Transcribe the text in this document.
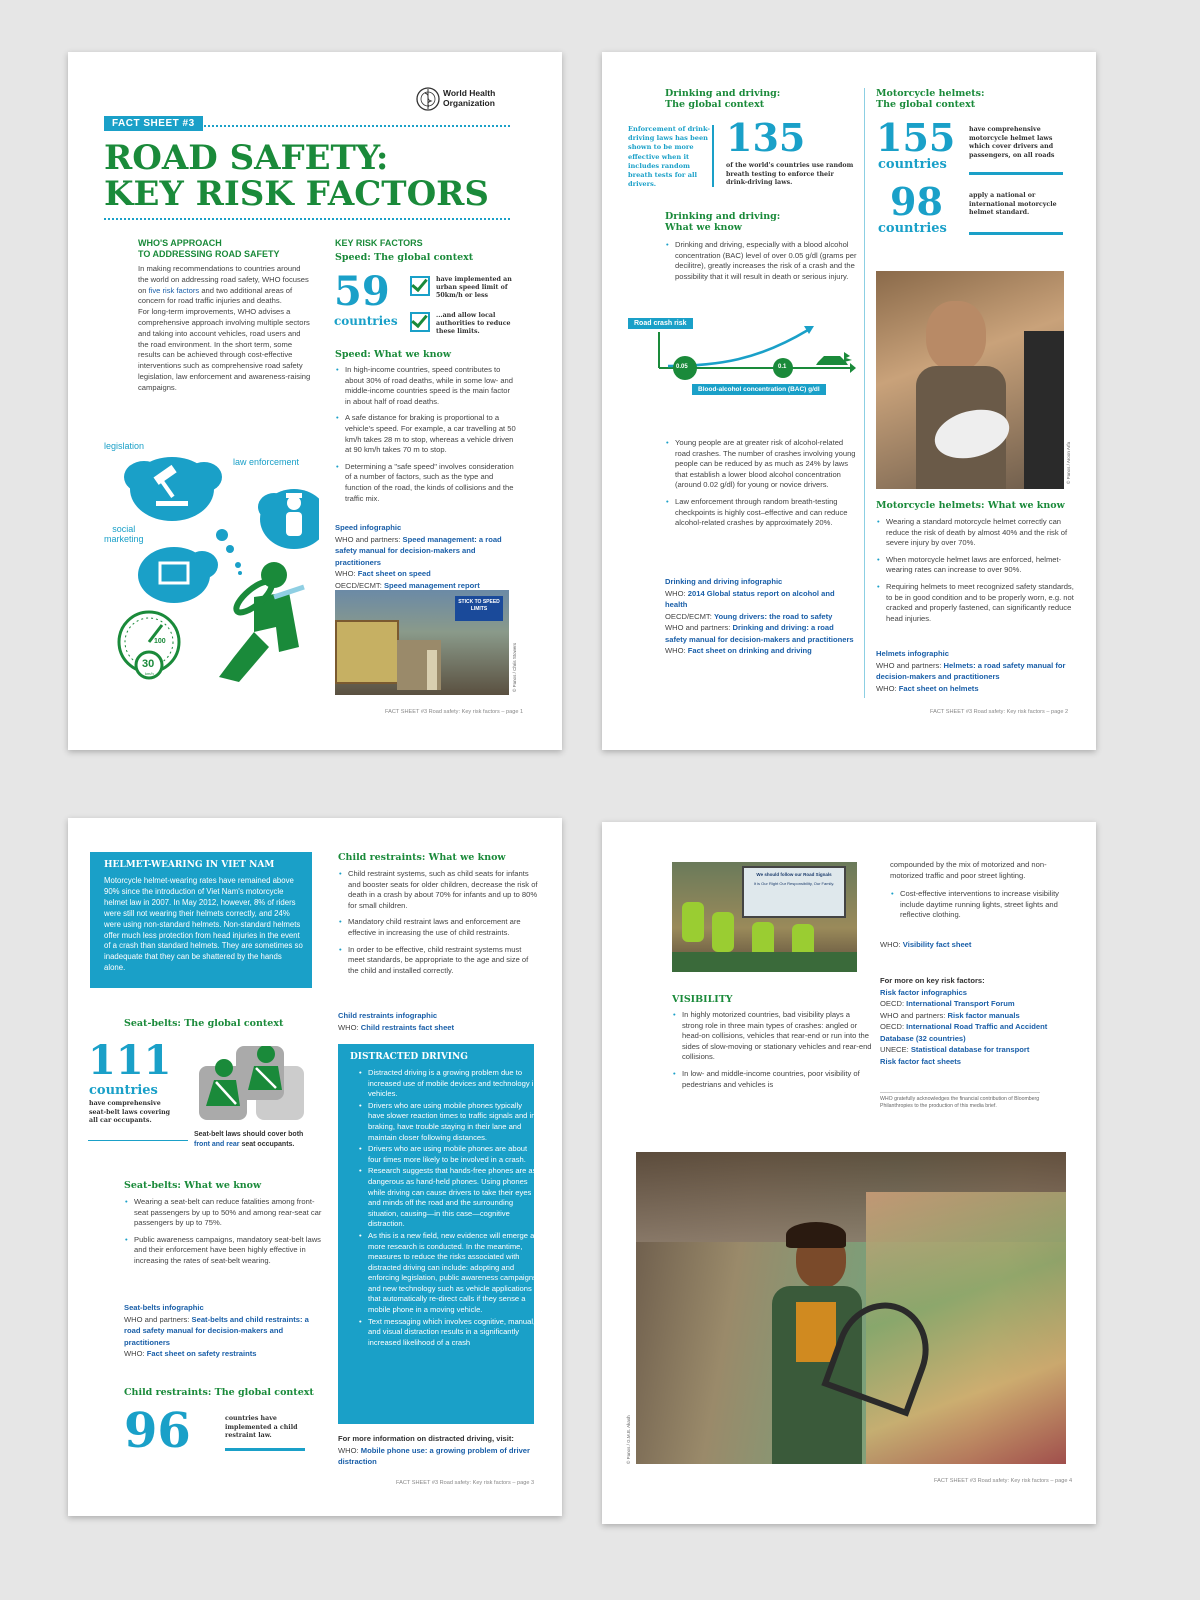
World Health
Organization
FACT SHEET #3
ROAD SAFETY:
KEY RISK FACTORS
WHO'S APPROACH
TO ADDRESSING ROAD SAFETY
In making recommendations to countries around the world on addressing road safety, WHO focuses on five risk factors and two additional areas of concern for road traffic injuries and deaths.
For long-term improvements, WHO advises a comprehensive approach involving multiple sectors and taking into account vehicles, road users and the road environment. In the short term, some results can be achieved through cost-effective interventions such as comprehensive road safety legislation, law enforcement and awareness-raising campaigns.
legislation
law enforcement
social
marketing
100
30
km/h
KEY RISK FACTORS
Speed: The global context
59
countries
have implemented an urban speed limit of 50km/h or less
...and allow local authorities to reduce these limits.
Speed: What we know
• In high-income countries, speed contributes to about 30% of road deaths, while in some low- and middle-income countries speed is the main factor in about half of road deaths.
• A safe distance for braking is proportional to a vehicle's speed. For example, a car travelling at 50 km/h takes 28 m to stop, whereas a vehicle driven at 90 km/h takes 70 m to stop.
• Determining a "safe speed" involves consideration of a number of factors, such as the type and function of the road, the kinds of collisions and the traffic mix.

Speed infographic

WHO and partners: Speed management: a road safety manual for decision-makers and practitioners

WHO: Fact sheet on speed

OECD/ECMT: Speed management report

STICK TO SPEED LIMITS
© Panos / Chris Stowers
FACT SHEET #3 Road safety: Key risk factors – page 1
Drinking and driving:
The global context
Enforcement of drink-driving laws has been shown to be more effective when it includes random breath tests for all drivers.
135
of the world's countries use random breath testing to enforce their drink-driving laws.
Motorcycle helmets:
The global context
155
countries
have comprehensive motorcycle helmet laws which cover drivers and passengers, on all roads
98
countries
apply a national or international motorcycle helmet standard.
Drinking and driving:
What we know
• Drinking and driving, especially with a blood alcohol concentration (BAC) level of over 0.05 g/dl (grams per decilitre), greatly increases the risk of a crash and the possibility that it will result in death or serious injury.
Road crash risk
0.05	0.1
Blood-alcohol concentration (BAC) g/dl
• Young people are at greater risk of alcohol-related road crashes. The number of crashes involving young people can be reduced by as much as 24% by laws that establish a lower blood alcohol concentration (around 0.02 g/dl) for young or novice drivers.
• Law enforcement through random breath-testing checkpoints is highly cost–effective and can reduce alcohol-related crashes by approximately 20%.

Drinking and driving infographic

WHO: 2014 Global status report on alcohol and health

OECD/ECMT: Young drivers: the road to safety

WHO and partners: Drinking and driving: a road safety manual for decision-makers and practitioners

WHO: Fact sheet on drinking and driving

© Panos / Aroon Arfa
Motorcycle helmets: What we know
• Wearing a standard motorcycle helmet correctly can reduce the risk of death by almost 40% and the risk of severe injury by over 70%.
• When motorcycle helmet laws are enforced, helmet-wearing rates can increase to over 90%.
• Requiring helmets to meet recognized safety standards, to be in good condition and to be properly worn, e.g. not cracked and properly fastened, can significantly reduce head injuries.

Helmets infographic

WHO and partners: Helmets: a road safety manual for decision-makers and practitioners

WHO: Fact sheet on helmets

FACT SHEET #3 Road safety: Key risk factors – page 2
HELMET-WEARING IN VIET NAM
Motorcycle helmet-wearing rates have remained above 90% since the introduction of Viet Nam's motorcycle helmet law in 2007. In May 2012, however, 8% of riders were still not wearing their helmets correctly, and 24% were using non-standard helmets. Non-standard helmets offer much less protection from head injuries in the event of a crash than standard helmets. They are sometimes so inadequate that they can be shattered by the hands alone.
Seat-belts: The global context
111
countries
have comprehensive seat-belt laws covering all car occupants.
Seat-belt laws should cover both front and rear seat occupants.
Seat-belts: What we know
• Wearing a seat-belt can reduce fatalities among front-seat passengers by up to 50% and among rear-seat car passengers by up to 75%.
• Public awareness campaigns, mandatory seat-belt laws and their enforcement have been highly effective in increasing the rates of seat-belt wearing.

Seat-belts infographic

WHO and partners: Seat-belts and child restraints: a road safety manual for decision-makers and practitioners

WHO: Fact sheet on safety restraints

Child restraints: The global context
96	countries have implemented a child restraint law.
Child restraints: What we know
• Child restraint systems, such as child seats for infants and booster seats for older children, decrease the risk of death in a crash by about 70% for infants and up to 80% for small children.
• Mandatory child restraint laws and enforcement are effective in increasing the use of child restraints.
• In order to be effective, child restraint systems must meet standards, be appropriate to the age and size of the child and installed correctly.

Child restraints infographic

WHO: Child restraints fact sheet

DISTRACTED DRIVING
• Distracted driving is a growing problem due to increased use of mobile devices and technology in vehicles.
• Drivers who are using mobile phones typically have slower reaction times to traffic signals and in braking, have trouble staying in their lane and maintain closer following distances.
• Drivers who are using mobile phones are about four times more likely to be involved in a crash.
• Research suggests that hands-free phones are as dangerous as hand-held phones. Using phones while driving can cause drivers to take their eyes and minds off the road and the surrounding situation, causing—in this case—cognitive distraction.
• As this is a new field, new evidence will emerge as more research is conducted. In the meantime, measures to reduce the risks associated with distracted driving can include: adopting and enforcing legislation, public awareness campaigns and new technology such as vehicle applications that automatically re-direct calls if they sense a mobile phone in a moving vehicle.
• Text messaging which involves cognitive, manual, and visual distraction results in a significantly increased likelihood of a crash

For more information on distracted driving, visit:

WHO: Mobile phone use: a growing problem of driver distraction

FACT SHEET #3 Road safety: Key risk factors – page 3
We should follow our Road Signals
It is Our Right Our Responsibility, Our Family.
VISIBILITY
• In highly motorized countries, bad visibility plays a strong role in three main types of crashes: angled or head-on collisions, vehicles that rear-end or run into the sides of slow-moving or stationary vehicles and rear-end collisions.
• In low- and middle-income countries, poor visibility of pedestrians and vehicles is
compounded by the mix of motorized and non-motorized traffic and poor street lighting.
• Cost-effective interventions to increase visibility include daytime running lights, street lights and reflective clothing.

WHO: Visibility fact sheet

For more on key risk factors:

Risk factor infographics

OECD: International Transport Forum

WHO and partners: Risk factor manuals

OECD: International Road Traffic and Accident Database (32 countries)

UNECE: Statistical database for transport

Risk factor fact sheets

WHO gratefully acknowledges the financial contribution of Bloomberg Philanthropies to the production of this media brief.
© Panos / G.M.B. Akash
FACT SHEET #3 Road safety: Key risk factors – page 4
